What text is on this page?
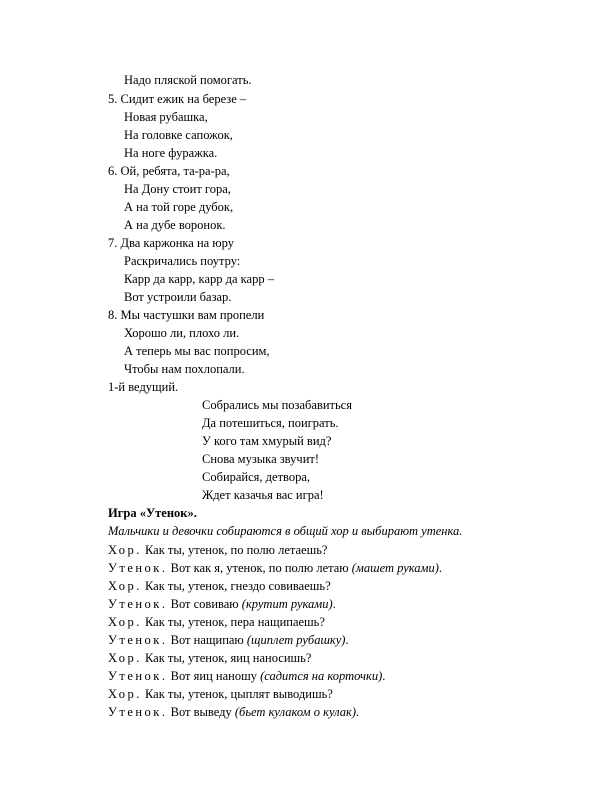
Надо пляской помогать.
5. Сидит ежик на березе –
Новая рубашка,
На головке сапожок,
На ноге фуражка.
6. Ой, ребята, та-ра-ра,
На Дону стоит гора,
А на той горе дубок,
А на дубе воронок.
7. Два каржонка на юру
Раскричались поутру:
Карр да карр, карр да карр –
Вот устроили базар.
8. Мы частушки вам пропели
Хорошо ли, плохо ли.
А теперь мы вас попросим,
Чтобы нам похлопали.
1-й ведущий.
Собрались мы позабавиться
Да потешиться, поиграть.
У кого там хмурый вид?
Снова музыка звучит!
Собирайся, детвора,
Ждет казачья вас игра!
Игра «Утенок».
Мальчики и девочки собираются в общий хор и выбирают утенка.
Хор. Как ты, утенок, по полю летаешь?
Утенок. Вот как я, утенок, по полю летаю (машет руками).
Хор. Как ты, утенок, гнездо совиваешь?
Утенок. Вот совиваю (крутит руками).
Хор. Как ты, утенок, пера нащипаешь?
Утенок. Вот нащипаю (щиплет рубашку).
Хор. Как ты, утенок, яиц наносишь?
Утенок. Вот яиц наношу (садится на корточки).
Хор. Как ты, утенок, цыплят выводишь?
Утенок. Вот выведу (бьет кулаком о кулак).
